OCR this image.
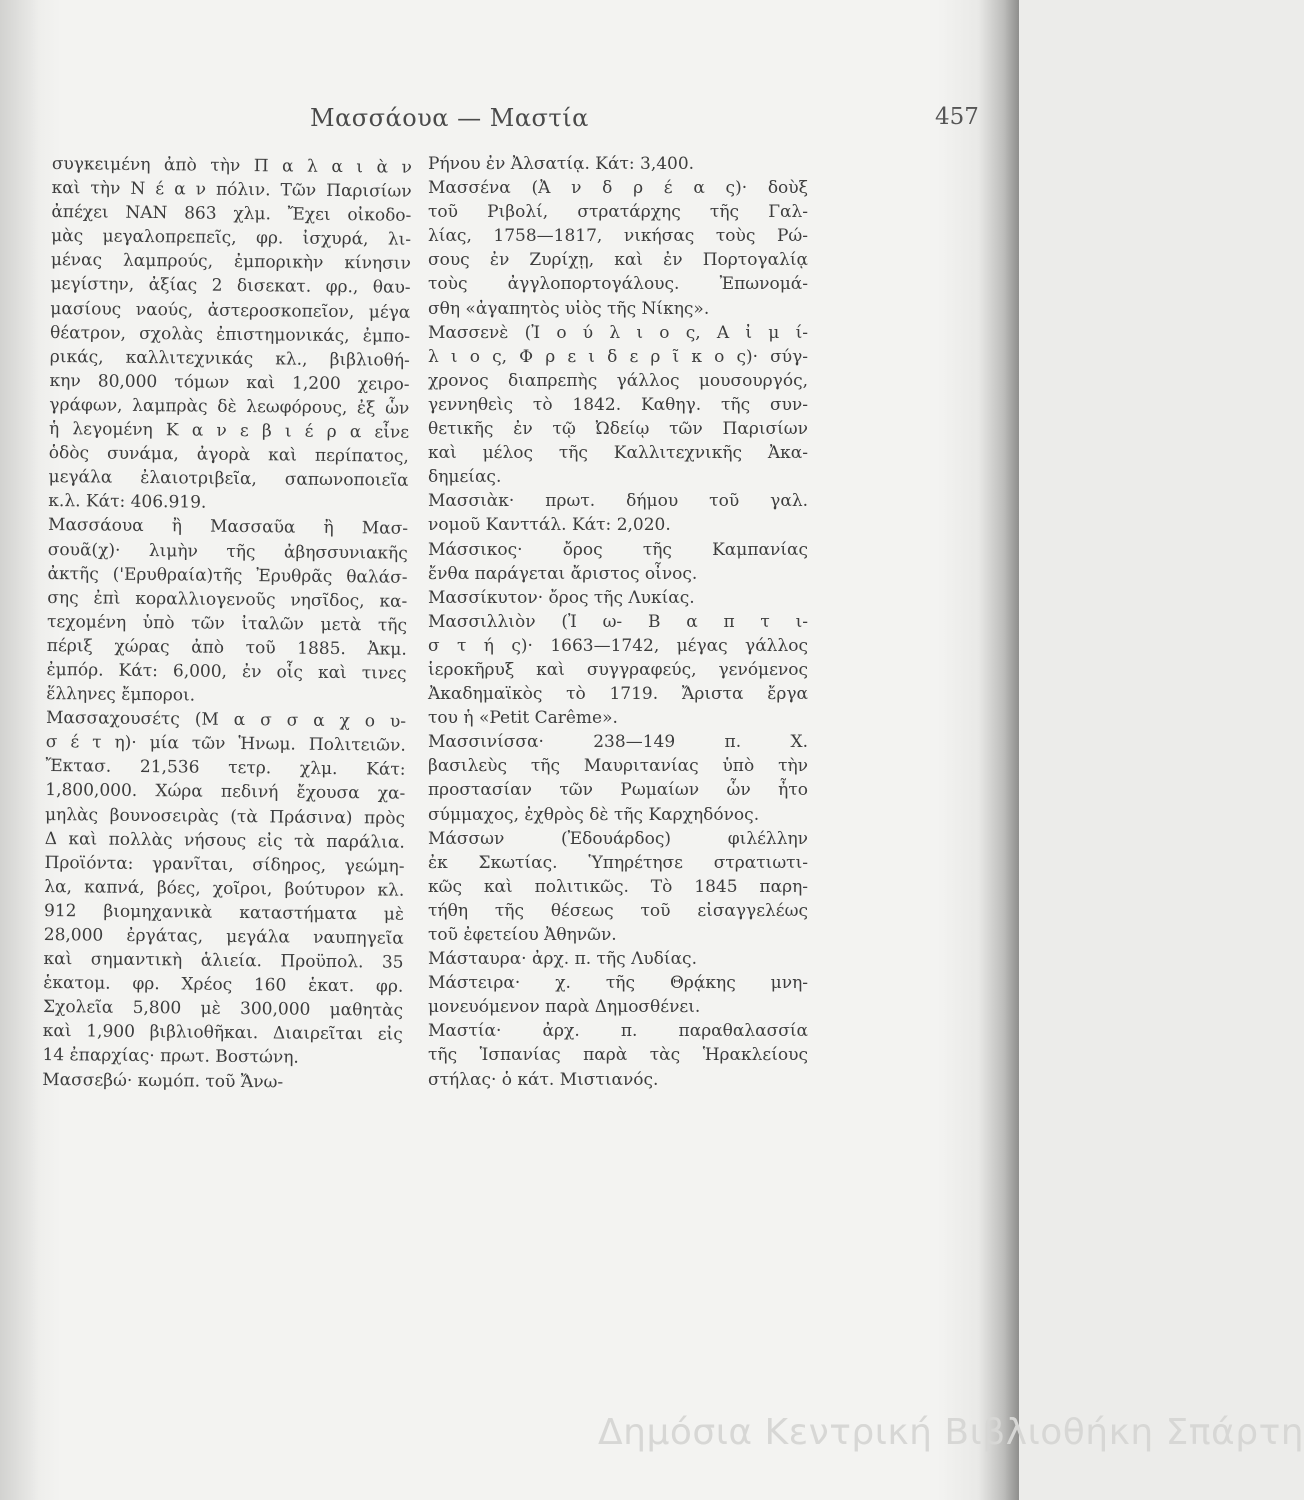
Μασσάουα — Μαστία	457
συγκειμένη ἀπὸ τὴν Π α λ α ι ὰ ν
καὶ τὴν Ν έ α ν πόλιν. Τῶν Παρισίων
ἀπέχει ΝΑΝ 863 χλμ. Ἔχει οἰκοδο-
μὰς μεγαλοπρεπεῖς, φρ. ἰσχυρά, λι-
μένας λαμπρούς, ἐμπορικὴν κίνησιν
μεγίστην, ἀξίας 2 δισεκατ. φρ., θαυ-
μασίους ναούς, ἀστεροσκοπεῖον, μέγα
θέατρον, σχολὰς ἐπιστημονικάς, ἐμπο-
ρικάς, καλλιτεχνικάς κλ., βιβλιοθή-
κην 80,000 τόμων καὶ 1,200 χειρο-
γράφων, λαμπρὰς δὲ λεωφόρους, ἐξ ὧν
ἡ λεγομένη Κ α ν ε β ι έ ρ α εἶνε
ὁδὸς συνάμα, ἀγορὰ καὶ περίπατος,
μεγάλα ἐλαιοτριβεῖα, σαπωνοποιεῖα
κ.λ. Κάτ: 406.919.
Μασσάουα ἢ Μασσαῦα ἢ Μασ-
σουᾶ(χ)· λιμὴν τῆς ἀβησσυνιακῆς
ἀκτῆς ('Ερυθραία)τῆς Ἐρυθρᾶς θαλάσ-
σης ἐπὶ κοραλλιογενοῦς νησῖδος, κα-
τεχομένη ὑπὸ τῶν ἰταλῶν μετὰ τῆς
πέριξ χώρας ἀπὸ τοῦ 1885. Ἀκμ.
ἐμπόρ. Κάτ: 6,000, ἐν οἷς καὶ τινες
ἕλληνες ἔμποροι.
Μασσαχουσέτς (Μ α σ σ α χ ο υ-
σ έ τ η)· μία τῶν Ἡνωμ. Πολιτειῶν.
Ἔκτασ. 21,536 τετρ. χλμ. Κάτ:
1,800,000. Χώρα πεδινή ἔχουσα χα-
μηλὰς βουνοσειρὰς (τὰ Πράσινα) πρὸς
Δ καὶ πολλὰς νήσους εἰς τὰ παράλια.
Προϊόντα: γρανῖται, σίδηρος, γεώμη-
λα, καπνά, βόες, χοῖροι, βούτυρον κλ.
912 βιομηχανικὰ καταστήματα μὲ
28,000 ἐργάτας, μεγάλα ναυπηγεῖα
καὶ σημαντικὴ ἁλιεία. Προϋπολ. 35
ἑκατομ. φρ. Χρέος 160 ἑκατ. φρ.
Σχολεῖα 5,800 μὲ 300,000 μαθητὰς
καὶ 1,900 βιβλιοθῆκαι. Διαιρεῖται εἰς
14 ἐπαρχίας· πρωτ. Βοστώνη.
Μασσεβώ· κωμόπ. τοῦ Ἄνω-
Ρήνου ἐν Ἀλσατίᾳ. Κάτ: 3,400.
Μασσένα (Ἀ ν δ ρ έ α ς)· δοὺξ
τοῦ Ριβολί, στρατάρχης τῆς Γαλ-
λίας, 1758—1817, νικήσας τοὺς Ρώ-
σους ἐν Ζυρίχῃ, καὶ ἐν Πορτογαλίᾳ
τοὺς ἀγγλοπορτογάλους. Ἐπωνομά-
σθη «ἀγαπητὸς υἱὸς τῆς Νίκης».
Μασσενὲ (Ἰ ο ύ λ ι ο ς, Α ἰ μ ί-
λ ι ο ς, Φ ρ ε ι δ ε ρ ῖ κ ο ς)· σύγ-
χρονος διαπρεπὴς γάλλος μουσουργός,
γεννηθεὶς τὸ 1842. Καθηγ. τῆς συν-
θετικῆς ἐν τῷ Ὠδείῳ τῶν Παρισίων
καὶ μέλος τῆς Καλλιτεχνικῆς Ἀκα-
δημείας.
Μασσιὰκ· πρωτ. δήμου τοῦ γαλ.
νομοῦ Κανττάλ. Κάτ: 2,020.
Μάσσικος· ὄρος τῆς Καμπανίας
ἔνθα παράγεται ἄριστος οἶνος.
Μασσίκυτον· ὄρος τῆς Λυκίας.
Μασσιλλιὸν (Ἰ ω- Β α π τ ι-
σ τ ή ς)· 1663—1742, μέγας γάλλος
ἱεροκῆρυξ καὶ συγγραφεύς, γενόμενος
Ἀκαδημαϊκὸς τὸ 1719. Ἄριστα ἔργα
του ἡ «Petit Carême».
Μασσινίσσα· 238—149 π. Χ.
βασιλεὺς τῆς Μαυριτανίας ὑπὸ τὴν
προστασίαν τῶν Ρωμαίων ὧν ἦτο
σύμμαχος, ἐχθρὸς δὲ τῆς Καρχηδόνος.
Μάσσων (Ἐδουάρδος) φιλέλλην
ἐκ Σκωτίας. Ὑπηρέτησε στρατιωτι-
κῶς καὶ πολιτικῶς. Τὸ 1845 παρη-
τήθη τῆς θέσεως τοῦ εἰσαγγελέως
τοῦ ἐφετείου Ἀθηνῶν.
Μάσταυρα· ἀρχ. π. τῆς Λυδίας.
Μάστειρα· χ. τῆς Θρᾴκης μνη-
μονευόμενον παρὰ Δημοσθένει.
Μαστία· ἀρχ. π. παραθαλασσία
τῆς Ἱσπανίας παρὰ τὰς Ἡρακλείους
στήλας· ὁ κάτ. Μιστιανός.
Δημόσια Κεντρική Βιβλιοθήκη Σπάρτη
